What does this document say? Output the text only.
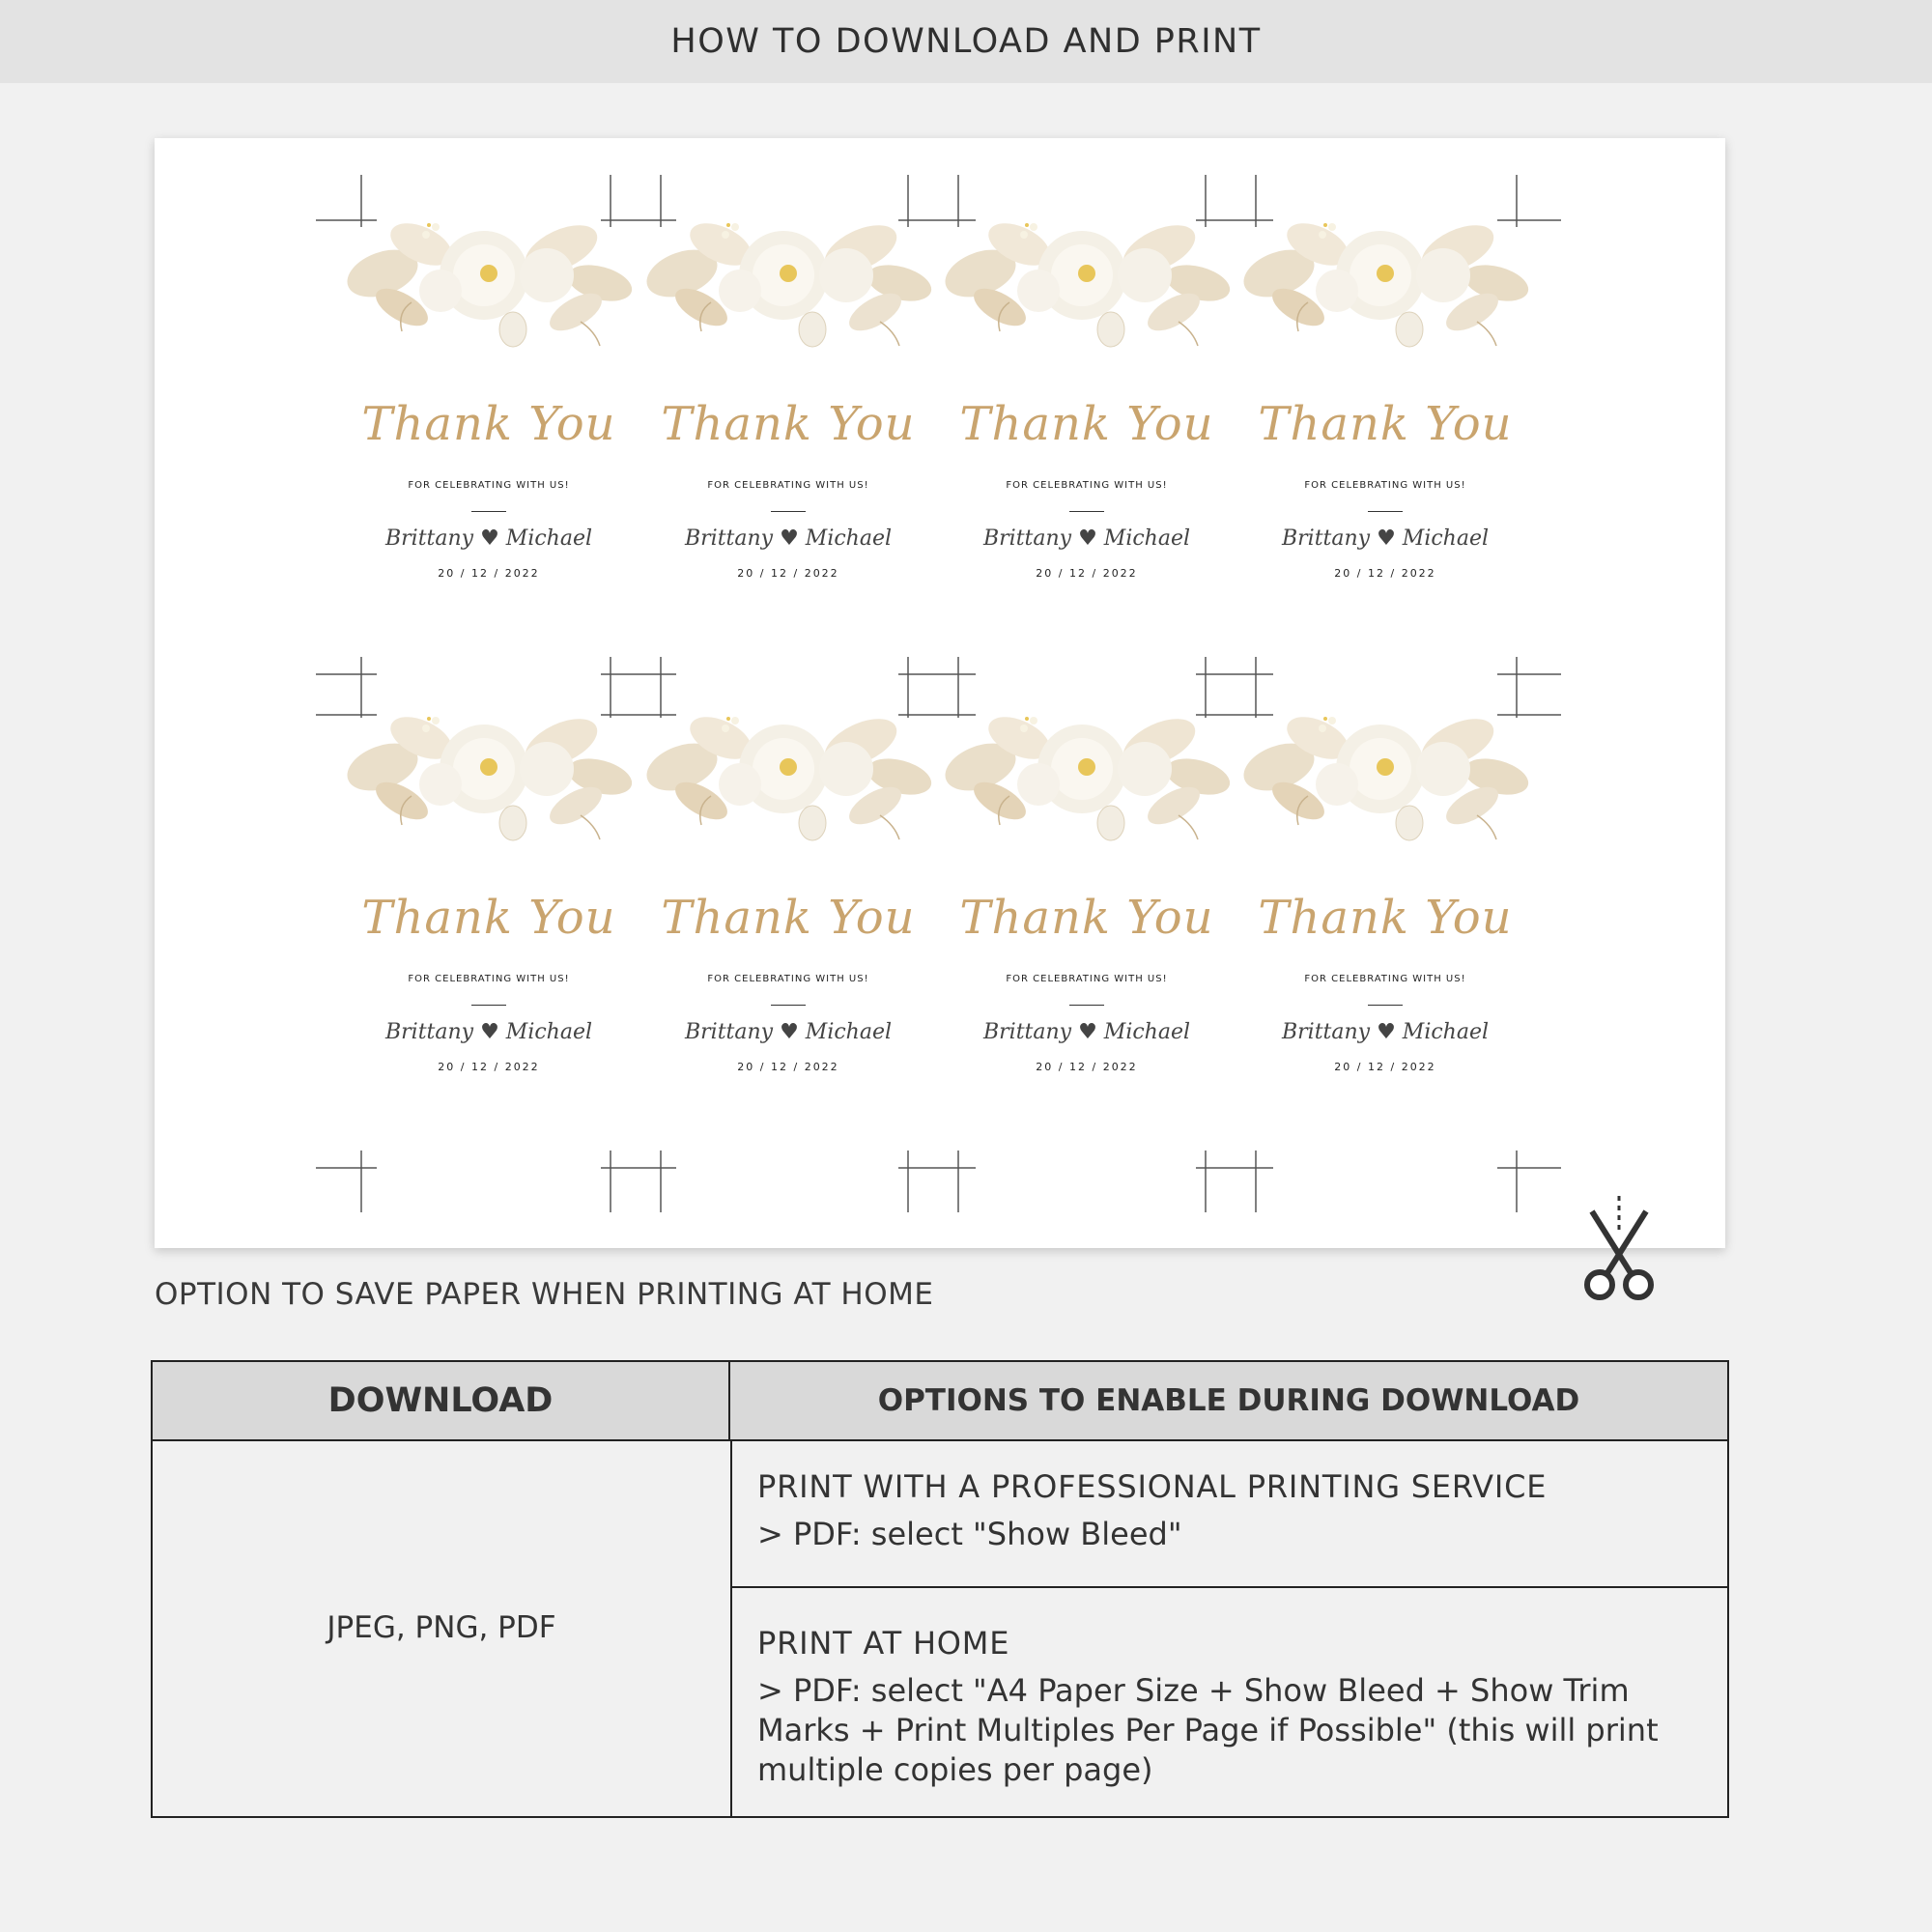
HOW TO DOWNLOAD AND PRINT
Thank You
FOR CELEBRATING WITH US!
Brittany ♥ Michael
20 / 12 / 2022
Thank You
FOR CELEBRATING WITH US!
Brittany ♥ Michael
20 / 12 / 2022
Thank You
FOR CELEBRATING WITH US!
Brittany ♥ Michael
20 / 12 / 2022
Thank You
FOR CELEBRATING WITH US!
Brittany ♥ Michael
20 / 12 / 2022
Thank You
FOR CELEBRATING WITH US!
Brittany ♥ Michael
20 / 12 / 2022
Thank You
FOR CELEBRATING WITH US!
Brittany ♥ Michael
20 / 12 / 2022
Thank You
FOR CELEBRATING WITH US!
Brittany ♥ Michael
20 / 12 / 2022
Thank You
FOR CELEBRATING WITH US!
Brittany ♥ Michael
20 / 12 / 2022
OPTION TO SAVE PAPER WHEN PRINTING AT HOME
DOWNLOAD	OPTIONS TO ENABLE DURING DOWNLOAD
JPEG, PNG, PDF
PRINT WITH A PROFESSIONAL PRINTING SERVICE
> PDF: select "Show Bleed"
PRINT AT HOME
> PDF: select "A4 Paper Size + Show Bleed + Show Trim Marks + Print Multiples Per Page if Possible" (this will print multiple copies per page)
